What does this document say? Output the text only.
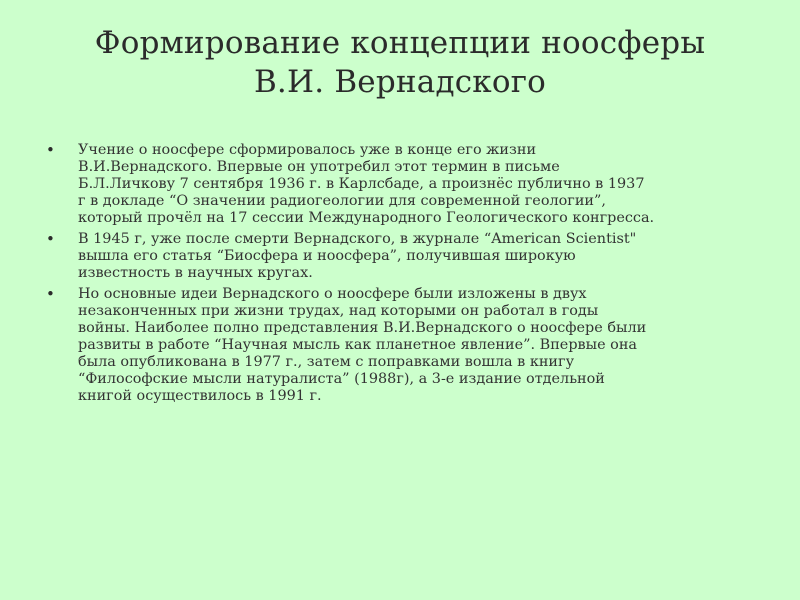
Формирование концепции ноосферы
В.И. Вернадского
• Учение о ноосфере сформировалось уже в конце его жизни
В.И.Вернадского. Впервые он употребил этот термин в письме
Б.Л.Личкову 7 сентября 1936 г. в Карлсбаде, а произнёс публично в 1937
г в докладе “О значении радиогеологии для современной геологии”,
который прочёл на 17 сессии Международного Геологического конгресса.
• В 1945 г, уже после смерти Вернадского, в журнале “American Scientist"
вышла его статья “Биосфера и ноосфера”, получившая широкую
известность в научных кругах.
• Но основные идеи Вернадского о ноосфере были изложены в двух
незаконченных при жизни трудах, над которыми он работал в годы
войны. Наиболее полно представления В.И.Вернадского о ноосфере были
развиты в работе “Научная мысль как планетное явление”. Впервые она
была опубликована в 1977 г., затем с поправками вошла в книгу
“Философские мысли натуралиста” (1988г), а 3-е издание отдельной
книгой осуществилось в 1991 г.
